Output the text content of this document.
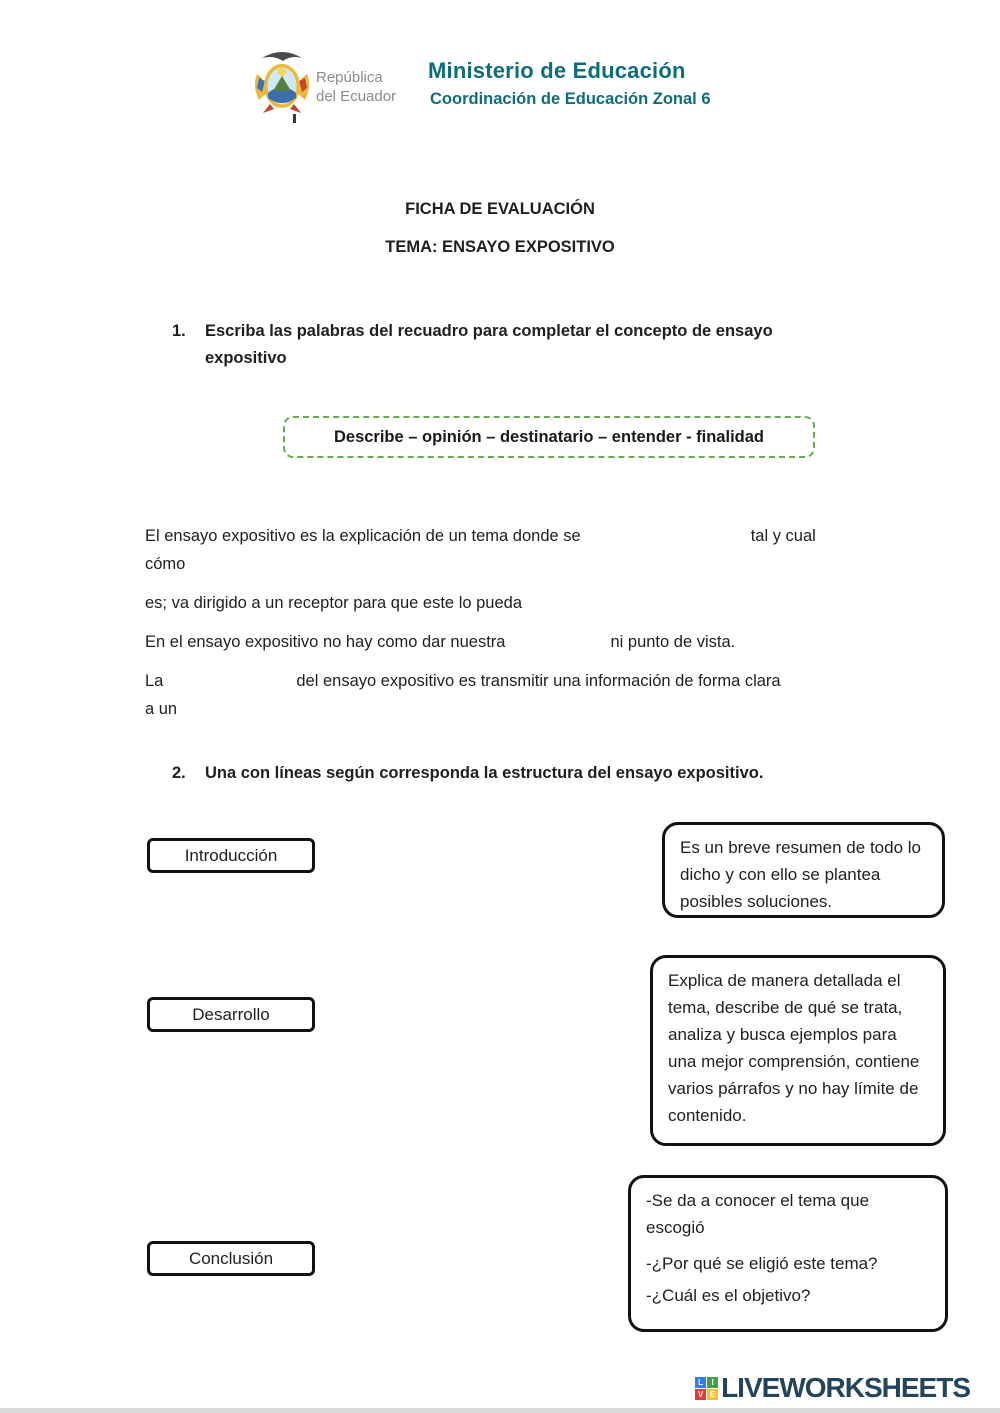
República
del Ecuador
Ministerio de Educación
Coordinación de Educación Zonal 6
FICHA DE EVALUACIÓN
TEMA: ENSAYO EXPOSITIVO
1.	Escriba las palabras del recuadro para completar el concepto de ensayo expositivo
Describe – opinión – destinatario – entender - finalidad
El ensayo expositivo es la explicación de un tema donde se	tal y cual
cómo
es; va dirigido a un receptor para que este lo pueda
En el ensayo expositivo no hay como dar nuestra	ni punto de vista.
La	del ensayo expositivo es transmitir una información de forma clara
a un
2.	Una con líneas según corresponda la estructura del ensayo expositivo.
Introducción
Desarrollo
Conclusión
Es un breve resumen de todo lo dicho y con ello se plantea posibles soluciones.
Explica de manera detallada el tema, describe de qué se trata, analiza y busca ejemplos para una mejor comprensión, contiene varios párrafos y no hay límite de contenido.
-Se da a conocer el tema que escogió
-¿Por qué se eligió este tema?
-¿Cuál es el objetivo?
L	I
V E LIVEWORKSHEETS
